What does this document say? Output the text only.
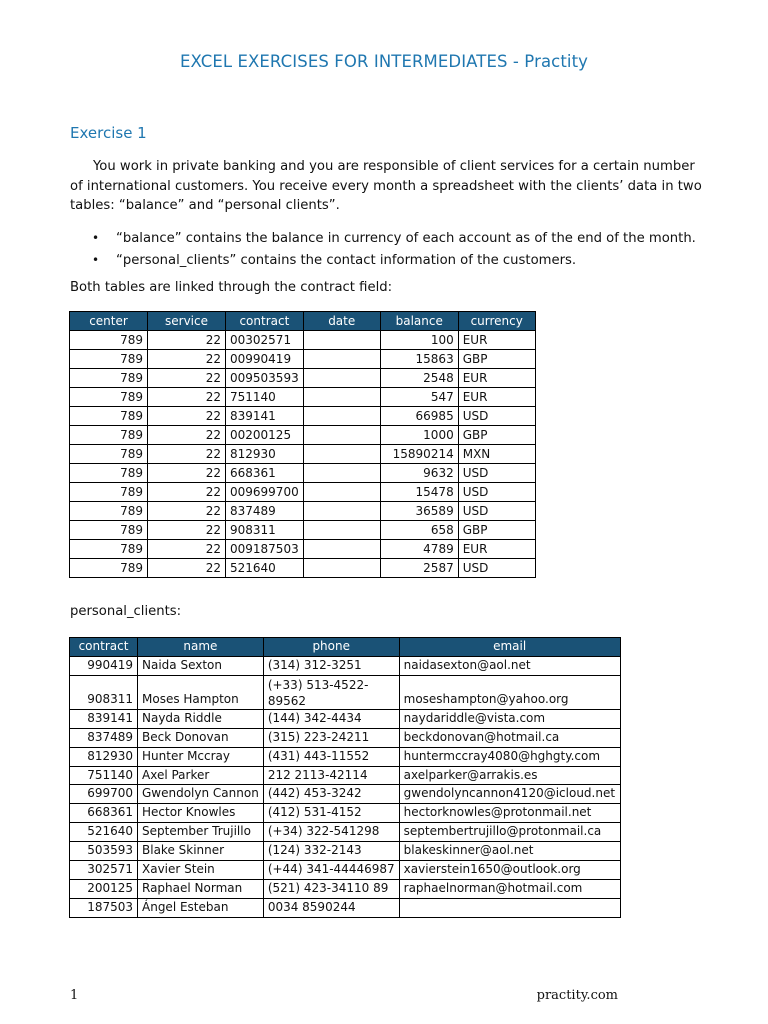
EXCEL EXERCISES FOR INTERMEDIATES - Practity
Exercise 1
You work in private banking and you are responsible of client services for a certain number of international customers. You receive every month a spreadsheet with the clients’ data in two tables: “balance” and “personal clients”.
• “balance” contains the balance in currency of each account as of the end of the month.
• “personal_clients” contains the contact information of the customers.
Both tables are linked through the contract field:
center	service	contract	date	balance	currency
789	22	00302571		100	EUR
789	22	00990419		15863	GBP
789	22	009503593		2548	EUR
789	22	751140		547	EUR
789	22	839141		66985	USD
789	22	00200125		1000	GBP
789	22	812930		15890214	MXN
789	22	668361		9632	USD
789	22	009699700		15478	USD
789	22	837489		36589	USD
789	22	908311		658	GBP
789	22	009187503		4789	EUR
789	22	521640		2587	USD
personal_clients:
contract	name	phone	email
990419	Naida Sexton	(314) 312-3251	naidasexton@aol.net
908311	Moses Hampton	(+33) 513-4522-89562	moseshampton@yahoo.org
839141	Nayda Riddle	(144) 342-4434	naydariddle@vista.com
837489	Beck Donovan	(315) 223-24211	beckdonovan@hotmail.ca
812930	Hunter Mccray	(431) 443-11552	huntermccray4080@hghgty.com
751140	Axel Parker	212 2113-42114	axelparker@arrakis.es
699700	Gwendolyn Cannon	(442) 453-3242	gwendolyncannon4120@icloud.net
668361	Hector Knowles	(412) 531-4152	hectorknowles@protonmail.net
521640	September Trujillo	(+34) 322-541298	septembertrujillo@protonmail.ca
503593	Blake Skinner	(124) 332-2143	blakeskinner@aol.net
302571	Xavier Stein	(+44) 341-44446987	xavierstein1650@outlook.org
200125	Raphael Norman	(521) 423-34110 89	raphaelnorman@hotmail.com
187503	Ángel Esteban	0034 8590244	
1	practity.com
